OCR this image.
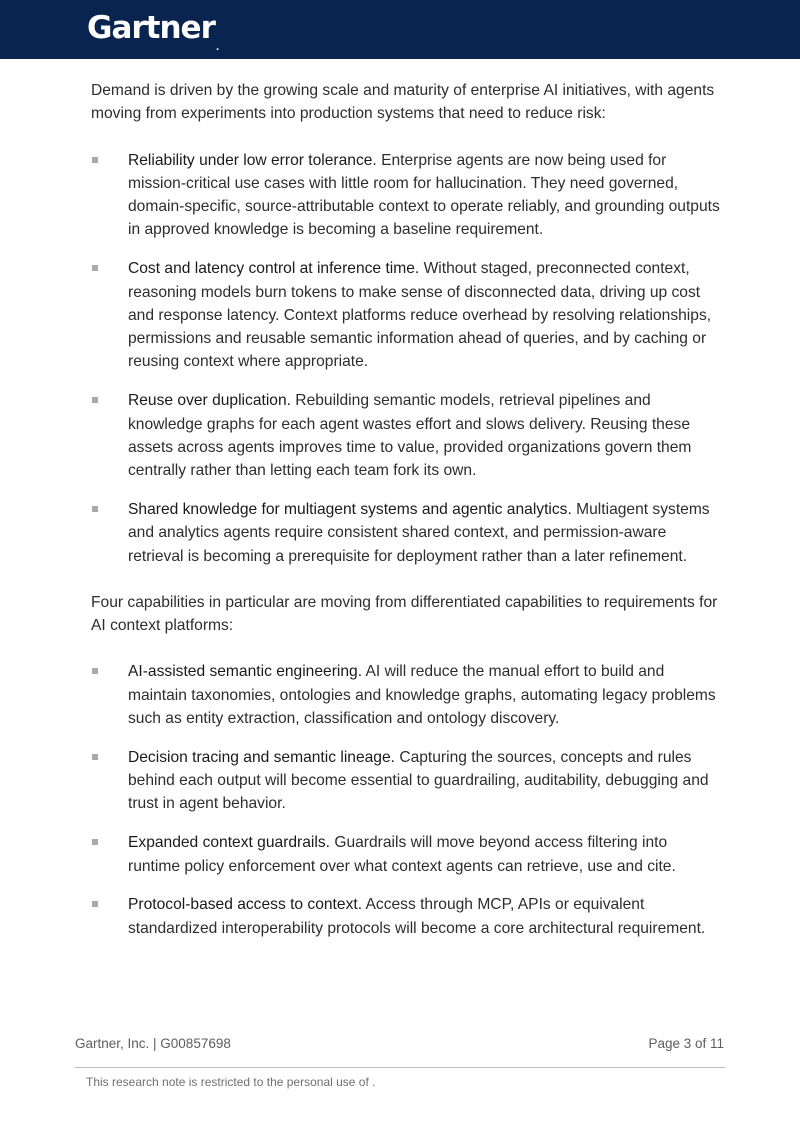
Gartner.

Demand is driven by the growing scale and maturity of enterprise AI initiatives, with agents moving from experiments into production systems that need to reduce risk:

Reliability under low error tolerance. Enterprise agents are now being used for mission-critical use cases with little room for hallucination. They need governed, domain-specific, source-attributable context to operate reliably, and grounding outputs in approved knowledge is becoming a baseline requirement.
Cost and latency control at inference time. Without staged, preconnected context, reasoning models burn tokens to make sense of disconnected data, driving up cost and response latency. Context platforms reduce overhead by resolving relationships, permissions and reusable semantic information ahead of queries, and by caching or reusing context where appropriate.
Reuse over duplication. Rebuilding semantic models, retrieval pipelines and knowledge graphs for each agent wastes effort and slows delivery. Reusing these assets across agents improves time to value, provided organizations govern them centrally rather than letting each team fork its own.
Shared knowledge for multiagent systems and agentic analytics. Multiagent systems and analytics agents require consistent shared context, and permission-aware retrieval is becoming a prerequisite for deployment rather than a later refinement.

Four capabilities in particular are moving from differentiated capabilities to requirements for AI context platforms:

AI-assisted semantic engineering. AI will reduce the manual effort to build and maintain taxonomies, ontologies and knowledge graphs, automating legacy problems such as entity extraction, classification and ontology discovery.
Decision tracing and semantic lineage. Capturing the sources, concepts and rules behind each output will become essential to guardrailing, auditability, debugging and trust in agent behavior.
Expanded context guardrails. Guardrails will move beyond access filtering into runtime policy enforcement over what context agents can retrieve, use and cite.
Protocol-based access to context. Access through MCP, APIs or equivalent standardized interoperability protocols will become a core architectural requirement.
Gartner, Inc. | G00857698	Page 3 of 11
This research note is restricted to the personal use of .
